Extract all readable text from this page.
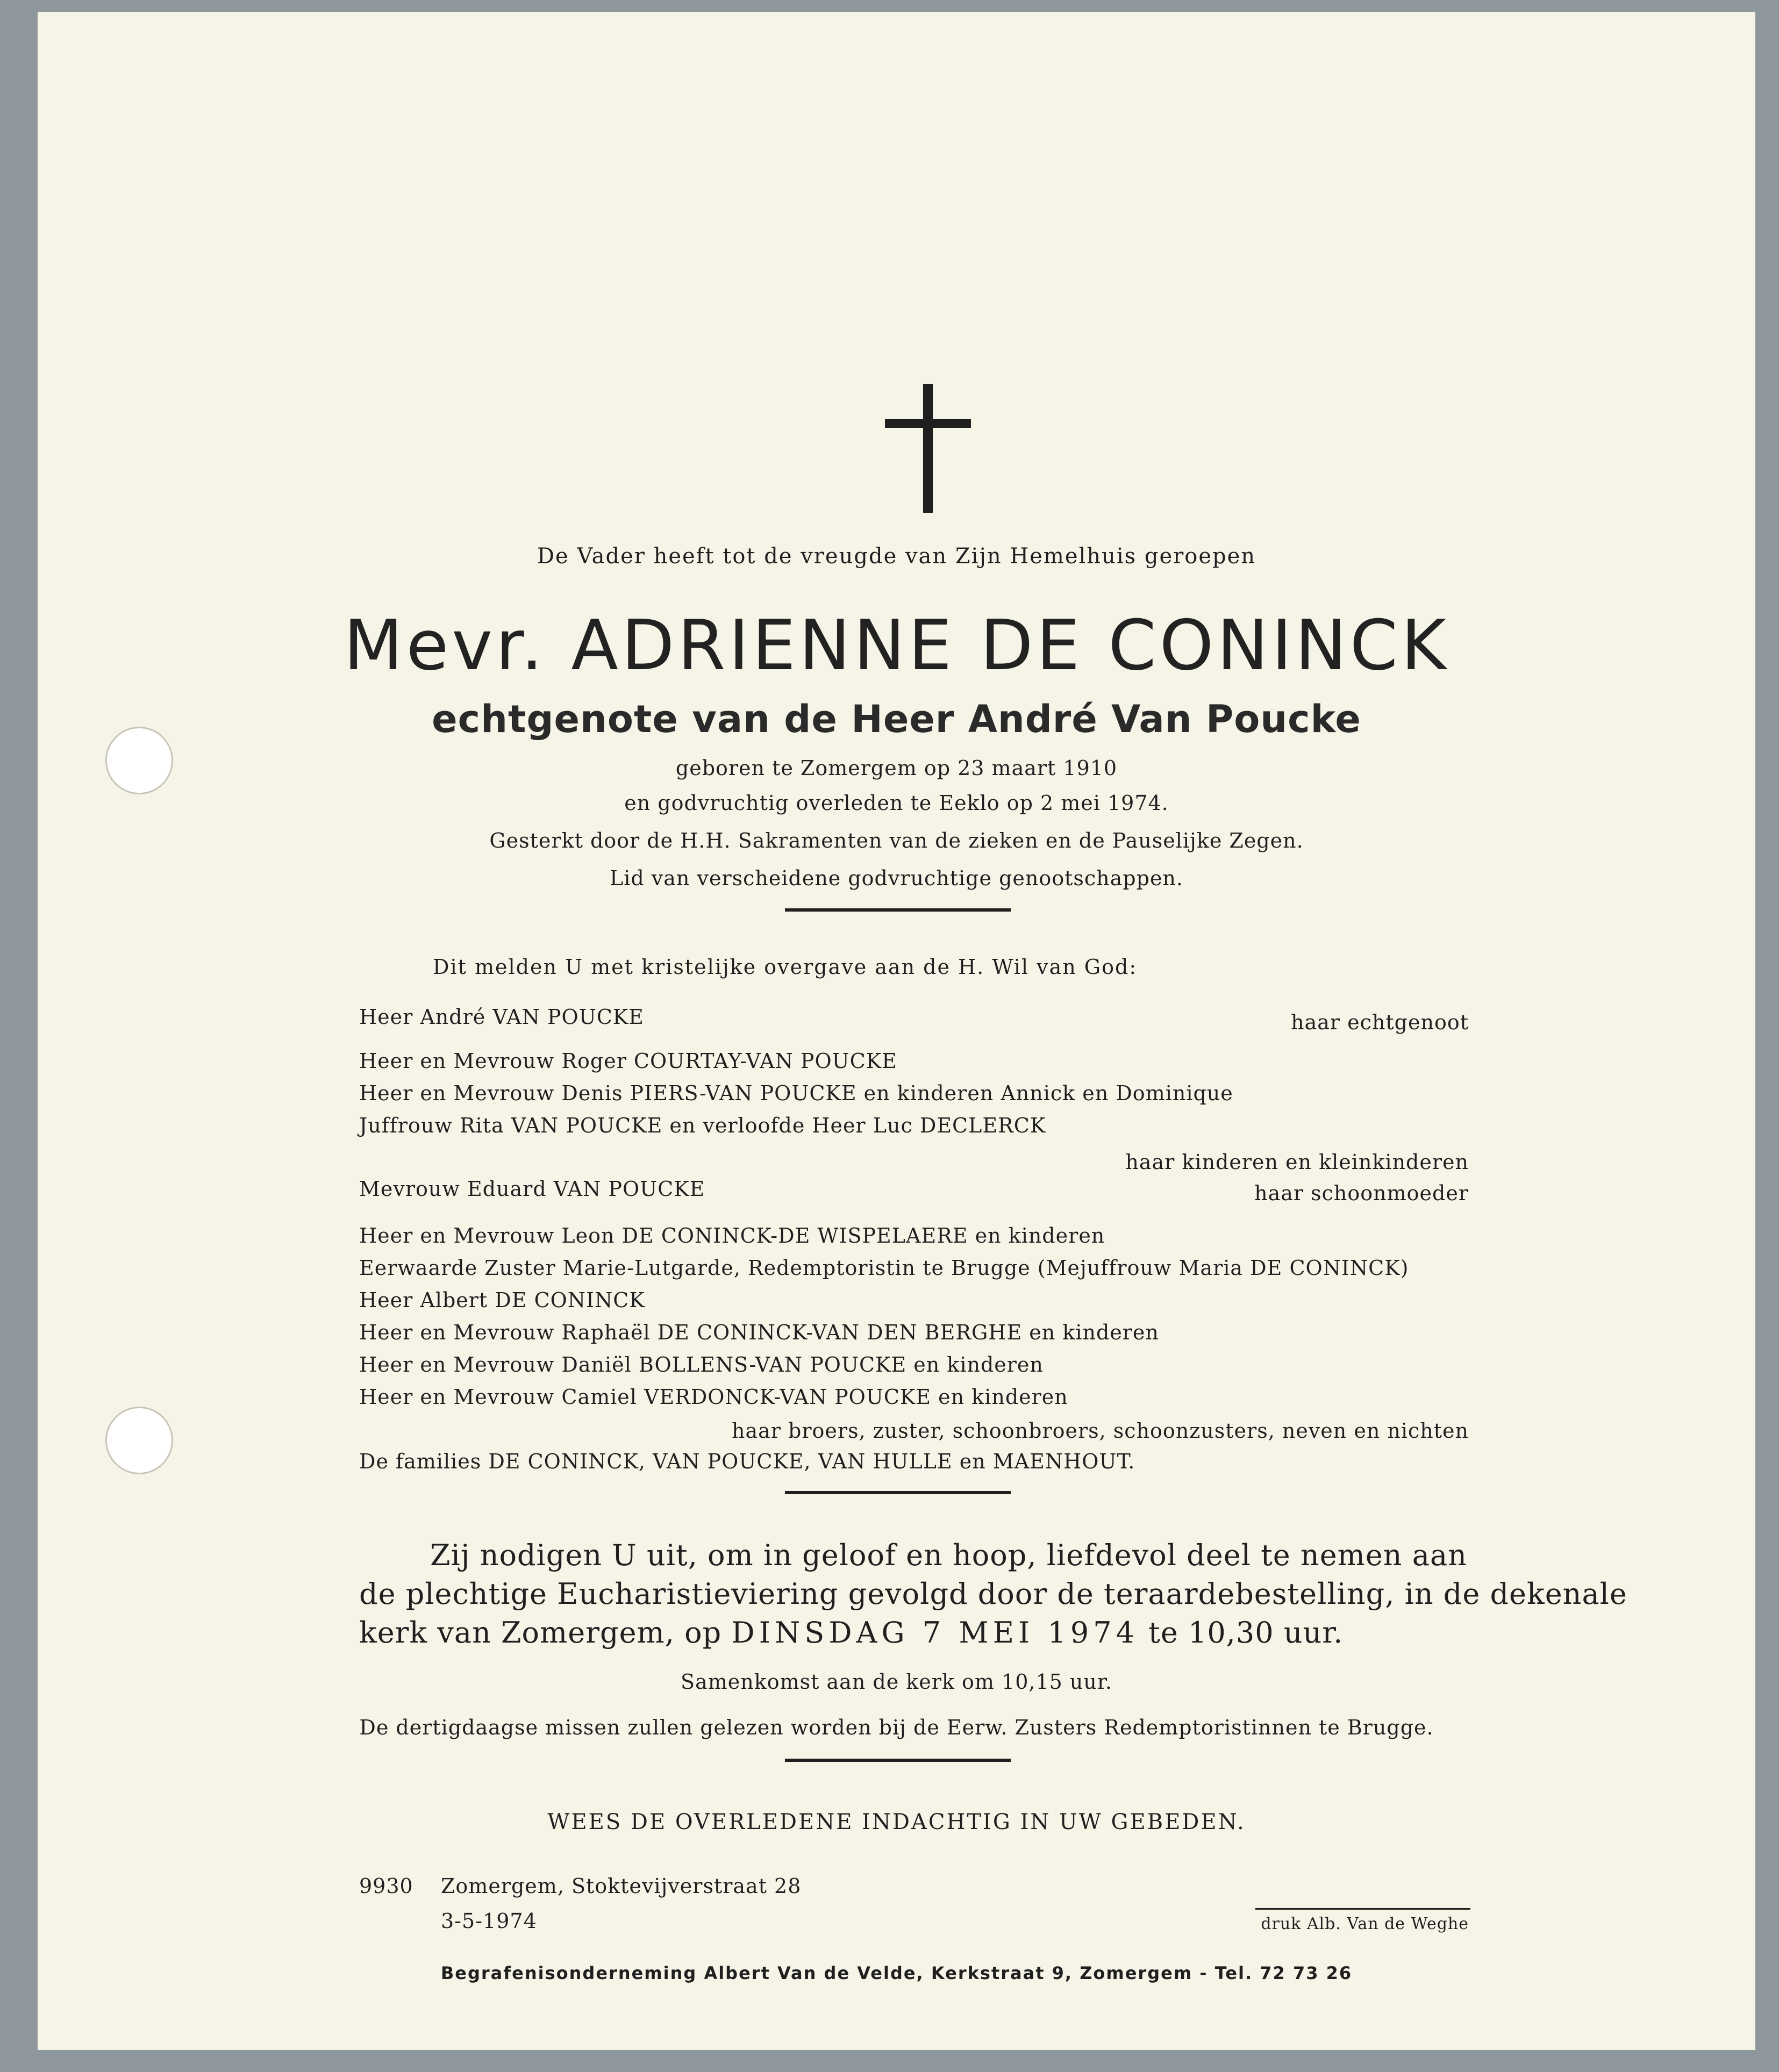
De Vader heeft tot de vreugde van Zijn Hemelhuis geroepen
Mevr. ADRIENNE DE CONINCK
echtgenote van de Heer André Van Poucke
geboren te Zomergem op 23 maart 1910
en godvruchtig overleden te Eeklo op 2 mei 1974.
Gesterkt door de H.H. Sakramenten van de zieken en de Pauselijke Zegen.
Lid van verscheidene godvruchtige genootschappen.
Dit melden U met kristelijke overgave aan de H. Wil van God:
Heer André VAN POUCKE	haar echtgenoot
Heer en Mevrouw Roger COURTAY-VAN POUCKE
Heer en Mevrouw Denis PIERS-VAN POUCKE en kinderen Annick en Dominique
Juffrouw Rita VAN POUCKE en verloofde Heer Luc DECLERCK
haar kinderen en kleinkinderen
Mevrouw Eduard VAN POUCKE	haar schoonmoeder
Heer en Mevrouw Leon DE CONINCK-DE WISPELAERE en kinderen
Eerwaarde Zuster Marie-Lutgarde, Redemptoristin te Brugge (Mejuffrouw Maria DE CONINCK)
Heer Albert DE CONINCK
Heer en Mevrouw Raphaël DE CONINCK-VAN DEN BERGHE en kinderen
Heer en Mevrouw Daniël BOLLENS-VAN POUCKE en kinderen
Heer en Mevrouw Camiel VERDONCK-VAN POUCKE en kinderen
haar broers, zuster, schoonbroers, schoonzusters, neven en nichten
De families DE CONINCK, VAN POUCKE, VAN HULLE en MAENHOUT.
Zij nodigen U uit, om in geloof en hoop, liefdevol deel te nemen aan
de plechtige Eucharistieviering gevolgd door de teraardebestelling, in de dekenale
kerk van Zomergem, op DINSDAG 7 MEI 1974 te 10,30 uur.
Samenkomst aan de kerk om 10,15 uur.
De dertigdaagse missen zullen gelezen worden bij de Eerw. Zusters Redemptoristinnen te Brugge.
WEES DE OVERLEDENE INDACHTIG IN UW GEBEDEN.
9930 Zomergem, Stoktevijverstraat 28
3-5-1974	druk Alb. Van de Weghe
Begrafenisonderneming Albert Van de Velde, Kerkstraat 9, Zomergem - Tel. 72 73 26
